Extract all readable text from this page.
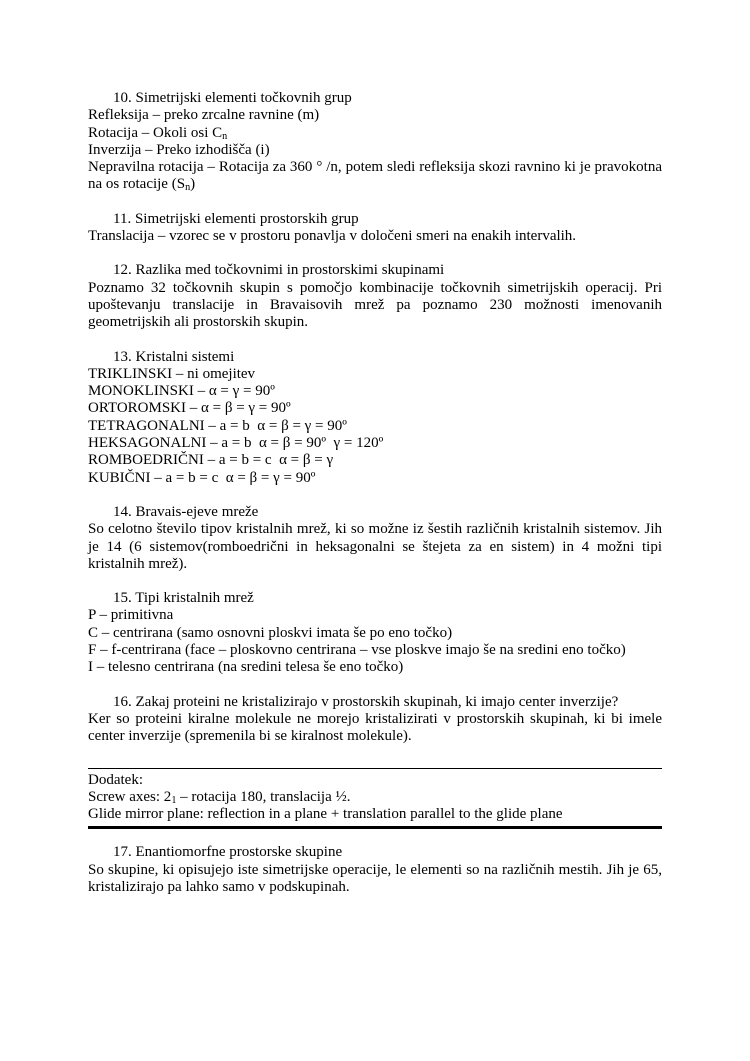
10. Simetrijski elementi točkovnih grup

Refleksija – preko zrcalne ravnine (m)

Rotacija – Okoli osi $C_n$

Inverzija – Preko izhodišča (i)

Nepravilna rotacija – Rotacija za 360 ° /n, potem sledi refleksija skozi ravnino ki je pravokotna na os rotacije $(S_n)$

11. Simetrijski elementi prostorskih grup

Translacija – vzorec se v prostoru ponavlja v določeni smeri na enakih intervalih.

12. Razlika med točkovnimi in prostorskimi skupinami

Poznamo 32 točkovnih skupin s pomočjo kombinacije točkovnih simetrijskih operacij. Pri upoštevanju translacije in Bravaisovih mrež pa poznamo 230 možnosti imenovanih geometrijskih ali prostorskih skupin.

13. Kristalni sistemi

TRIKLINSKI – ni omejitev

MONOKLINSKI – α = γ = 90º

ORTOROMSKI – α = β = γ = 90º

TETRAGONALNI – a = b  α = β = γ = 90º

HEKSAGONALNI – a = b  α = β = 90º  γ = 120º

ROMBOEDRIČNI – a = b = c  α = β = γ

KUBIČNI – a = b = c  α = β = γ = 90º

14. Bravais-ejeve mreže

So celotno število tipov kristalnih mrež, ki so možne iz šestih različnih kristalnih sistemov. Jih je 14 (6 sistemov(romboedrični in heksagonalni se štejeta za en sistem) in 4 možni tipi kristalnih mrež).

15. Tipi kristalnih mrež

P – primitivna

C – centrirana (samo osnovni ploskvi imata še po eno točko)

F – f-centrirana (face – ploskovno centrirana – vse ploskve imajo še na sredini eno točko)

I – telesno centrirana (na sredini telesa še eno točko)

16. Zakaj proteini ne kristalizirajo v prostorskih skupinah, ki imajo center inverzije?

Ker so proteini kiralne molekule ne morejo kristalizirati v prostorskih skupinah, ki bi imele center inverzije (spremenila bi se kiralnost molekule).

Dodatek:

Screw axes: $2_1$ – rotacija 180, translacija ½.

Glide mirror plane: reflection in a plane + translation parallel to the glide plane

17. Enantiomorfne prostorske skupine

So skupine, ki opisujejo iste simetrijske operacije, le elementi so na različnih mestih. Jih je 65, kristalizirajo pa lahko samo v podskupinah.
